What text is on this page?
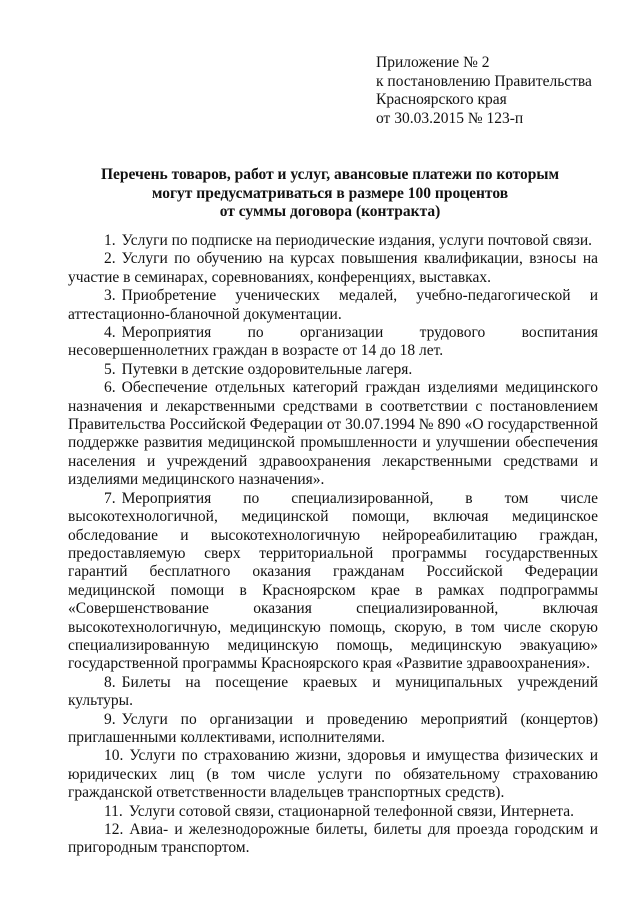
Приложение № 2
к постановлению Правительства
Красноярского края
от 30.03.2015 № 123-п
Перечень товаров, работ и услуг, авансовые платежи по которым
могут предусматриваться в размере 100 процентов
от суммы договора (контракта)

1. Услуги по подписке на периодические издания, услуги почтовой связи.

2. Услуги по обучению на курсах повышения квалификации, взносы на участие в семинарах, соревнованиях, конференциях, выставках.

3. Приобретение ученических медалей, учебно-педагогической и аттестационно-бланочной документации.

4. Мероприятия по организации трудового воспитания несовершеннолетних граждан в возрасте от 14 до 18 лет.

5. Путевки в детские оздоровительные лагеря.

6. Обеспечение отдельных категорий граждан изделиями медицинского назначения и лекарственными средствами в соответствии с постановлением Правительства Российской Федерации от 30.07.1994 № 890 «О государственной поддержке развития медицинской промышленности и улучшении обеспечения населения и учреждений здравоохранения лекарственными средствами и изделиями медицинского назначения».

7. Мероприятия по специализированной, в том числе высокотехнологичной, медицинской помощи, включая медицинское обследование и высокотехнологичную нейрореабилитацию граждан, предоставляемую сверх территориальной программы государственных гарантий бесплатного оказания гражданам Российской Федерации медицинской помощи в Красноярском крае в рамках подпрограммы «Совершенствование оказания специализированной, включая высокотехнологичную, медицинскую помощь, скорую, в том числе скорую специализированную медицинскую помощь, медицинскую эвакуацию» государственной программы Красноярского края «Развитие здравоохранения».

8. Билеты на посещение краевых и муниципальных учреждений культуры.

9. Услуги по организации и проведению мероприятий (концертов) приглашенными коллективами, исполнителями.

10. Услуги по страхованию жизни, здоровья и имущества физических и юридических лиц (в том числе услуги по обязательному страхованию гражданской ответственности владельцев транспортных средств).

11. Услуги сотовой связи, стационарной телефонной связи, Интернета.

12. Авиа- и железнодорожные билеты, билеты для проезда городским и пригородным транспортом.
